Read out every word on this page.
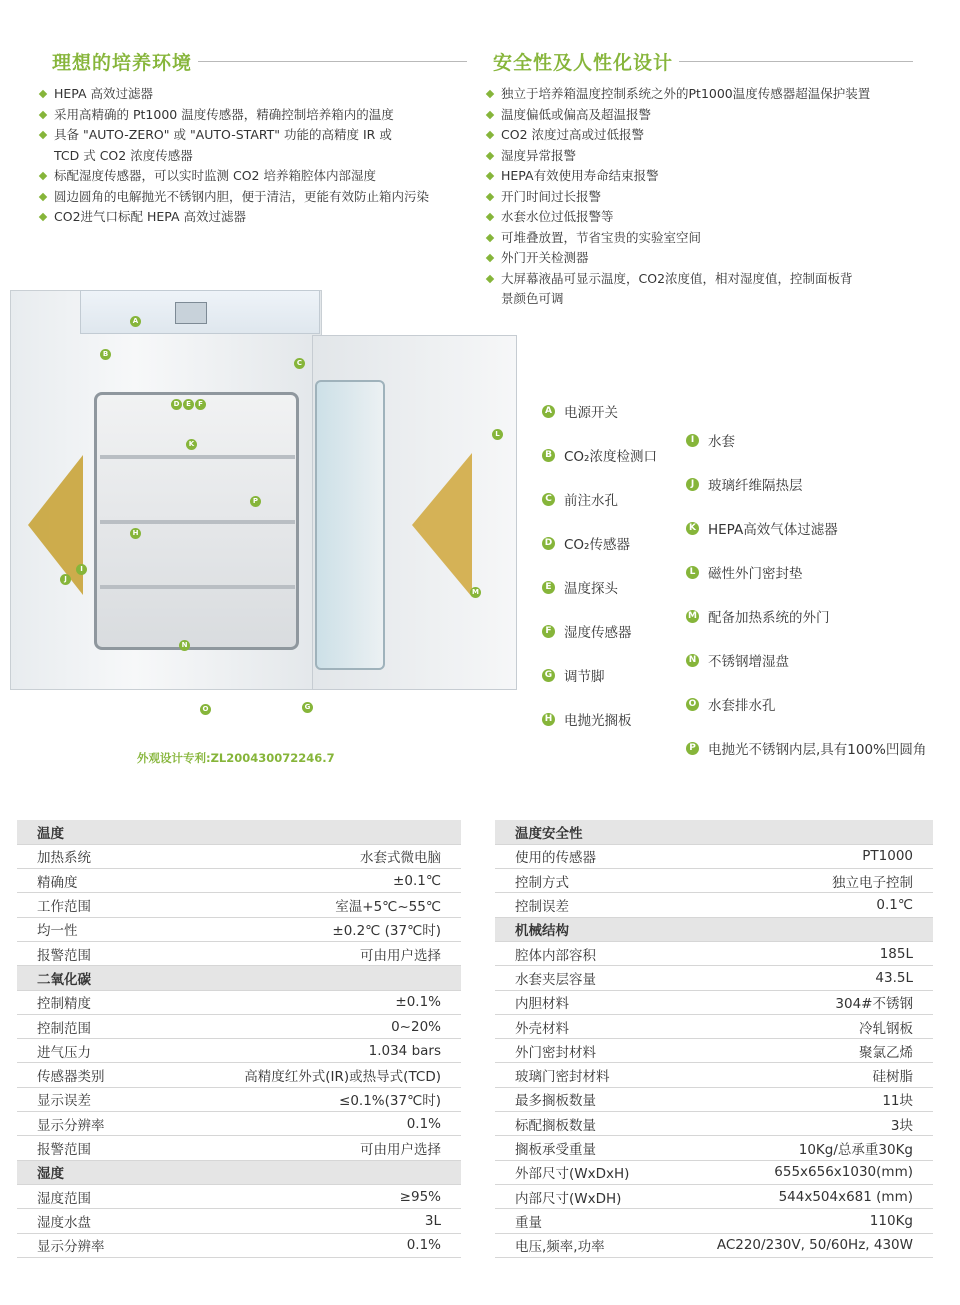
理想的培养环境	安全性及人性化设计
HEPA 高效过滤器
采用高精确的 Pt1000 温度传感器，精确控制培养箱内的温度
具备 "AUTO-ZERO" 或 "AUTO-START" 功能的高精度 IR 或
TCD 式 CO2 浓度传感器
标配湿度传感器，可以实时监测 CO2 培养箱腔体内部湿度
圆边圆角的电解抛光不锈钢内胆，便于清洁，更能有效防止箱内污染
CO2进气口标配 HEPA 高效过滤器
独立于培养箱温度控制系统之外的Pt1000温度传感器超温保护装置
温度偏低或偏高及超温报警
CO2 浓度过高或过低报警
湿度异常报警
HEPA有效使用寿命结束报警
开门时间过长报警
水套水位过低报警等
可堆叠放置，节省宝贵的实验室空间
外门开关检测器
大屏幕液晶可显示温度，CO2浓度值，相对湿度值，控制面板背
景颜色可调
A
B
C
D E	F
G
H
I
J
K
L
M
N
O
P
外观设计专利:ZL200430072246.7
A 电源开关
B CO₂浓度检测口
C 前注水孔
D CO₂传感器
E 温度探头
F 湿度传感器
G 调节脚
H 电抛光搁板
I	水套
J	玻璃纤维隔热层
K HEPA高效气体过滤器
L 磁性外门密封垫
M 配备加热系统的外门
N 不锈钢增湿盘
O 水套排水孔
P 电抛光不锈钢内层,具有100%凹圆角
温度	
加热系统	水套式微电脑
精确度	±0.1℃
工作范围	室温+5℃~55℃
均一性	±0.2℃ (37℃时)
报警范围	可由用户选择
二氧化碳	
控制精度	±0.1%
控制范围	0~20%
进气压力	1.034 bars
传感器类别	高精度红外式(IR)或热导式(TCD)
显示误差	≤0.1%(37℃时)
显示分辨率	0.1%
报警范围	可由用户选择
湿度	
湿度范围	≥95%
湿度水盘	3L
显示分辨率	0.1%
温度安全性	
使用的传感器	PT1000
控制方式	独立电子控制
控制误差	0.1℃
机械结构	
腔体内部容积	185L
水套夹层容量	43.5L
内胆材料	304#不锈钢
外壳材料	冷轧钢板
外门密封材料	聚氯乙烯
玻璃门密封材料	硅树脂
最多搁板数量	11块
标配搁板数量	3块
搁板承受重量	10Kg/总承重30Kg
外部尺寸(WxDxH)	655x656x1030(mm)
内部尺寸(WxDH)	544x504x681 (mm)
重量	110Kg
电压,频率,功率	AC220/230V, 50/60Hz, 430W
